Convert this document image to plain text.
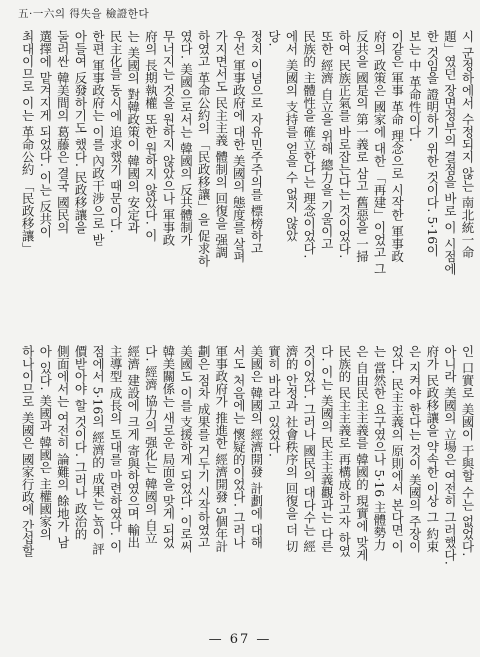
五·一六의 得失을 檢證한다
시 군정하에서 수정되지 않는 南北統一命
題」였던 장면정부의 결점을 바로 이 시점에
한 것임을 證明하기 위한 것이다. 5·16이
보는 中 革命性이다.
이같은 軍事 革命 理念으로 시작한 軍事政
府의 政策은 國家에 대한 「再建」이었고 그
反共을 國是의 第一義로 삼고 舊惡을 一掃
하여 民族正氣를 바로잡는다는 것이었다.
또한 經濟 自立을 위해 總力을 기울이고
民族的 主體性을 確立한다는 理念이었다.
에서 美國의 支持를 얻을 수 없지 않았
당.
정치 이념으로 자유민주주의를 標榜하고
우선 軍事政府에 대한 美國의 態度를 살펴
가지면서도 民主主義 體制의 回復을 强調
하였고 革命公約의 「民政移讓」을 促求하
였다. 美國으로서는 韓國의 反共體制가
무너지는 것을 원하지 않았으나 軍事政
府의 長期執權 또한 원하지 않았다. 이
는 美國의 對韓政策이 韓國의 安定과
民主化를 동시에 追求했기 때문이다.
한편 軍事政府는 이를 內政干涉으로 받
아들여 反發하기도 했다. 民政移讓을
둘러싼 韓美間의 葛藤은 결국 國民의
選擇에 맡겨지게 되었다. 이는 反共이
최대이므로 이는 革命公約 「民政移讓」
인 口實로 美國이 干與할 수는 없었다.
아니라 美國의 立場은 여전히 그러했다.
府가 民政移讓을 약속한 이상 그 約束
은 지켜야 한다는 것이 美國의 주장이
었다. 民主主義의 原則에서 본다면 이
는 當然한 요구였으나 5·16 主體勢力
은 自由民主主義를 韓國的 現實에 맞게
民族的 民主主義로 再構成하고자 하였
다. 이는 美國의 民主主義觀과는 다른
것이었다. 그러나 國民의 대다수는 經
濟的 안정과 社會秩序의 回復을 더 切
實히 바라고 있었다.
美國은 韓國의 經濟開發 計劃에 대해
서도 처음에는 懷疑的이었다. 그러나
軍事政府가 推進한 經濟開發 5個年計
劃은 점차 成果를 거두기 시작하였고
美國도 이를 支援하게 되었다. 이로써
韓美關係는 새로운 局面을 맞게 되었
다. 經濟 協力의 强化는 韓國의 自立
經濟 建設에 크게 寄與하였으며 輸出
主導型 成長의 토대를 마련하였다. 이
점에서 5·16의 經濟的 成果는 높이 評
價받아야 할 것이다. 그러나 政治的
側面에서는 여전히 論難의 餘地가 남
아 있다. 美國과 韓國은 主權國家의
하나이므로 美國은 國家行政에 간섭할
— 67 —
